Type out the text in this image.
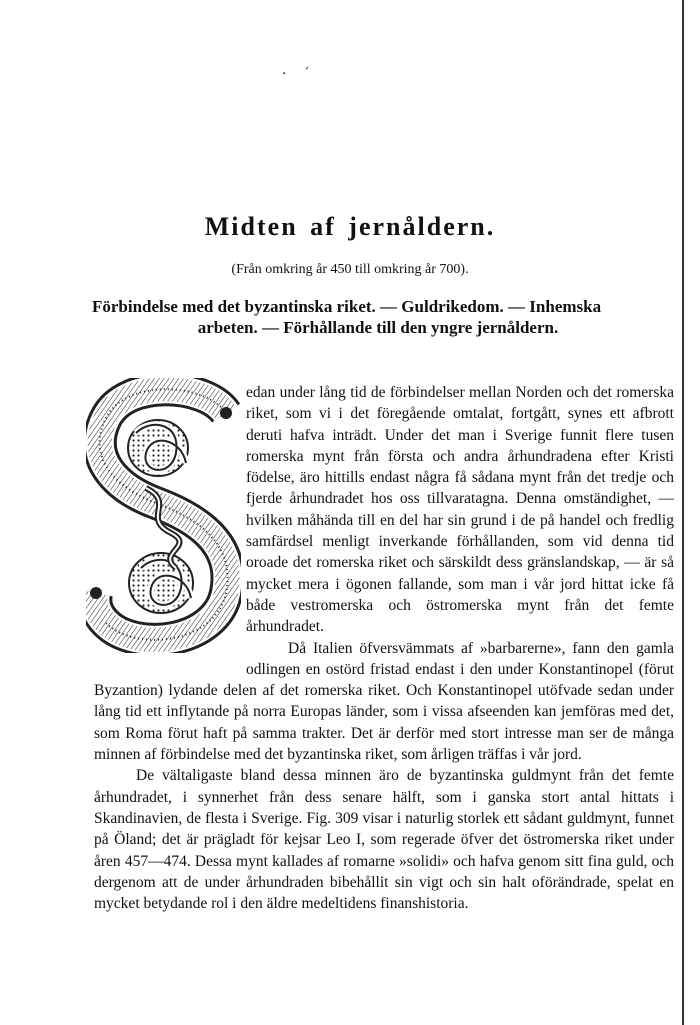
· ´
Midten af jernåldern.
(Från omkring år 450 till omkring år 700).
Förbindelse med det byzantinska riket. — Guldrikedom. — Inhemska
arbeten. — Förhållande till den yngre jernåldern.

edan under lång tid de förbindelser mellan Norden och det romerska riket, som vi i det föregående omtalat, fortgått, synes ett afbrott deruti hafva inträdt. Under det man i Sverige funnit flere tusen romerska mynt från första och andra århundradena efter Kristi födelse, äro hittills endast några få sådana mynt från det tredje och fjerde århundradet hos oss tillvaratagna. Denna omständighet, — hvilken måhända till en del har sin grund i de på handel och fredlig samfärdsel menligt inverkande förhållanden, som vid denna tid oroade det romerska riket och särskildt dess gränslandskap, — är så mycket mera i ögonen fallande, som man i vår jord hittat icke få både vestromerska och östromerska mynt från det femte århundradet.

Då Italien öfversvämmats af »barbarerne», fann den gamla odlingen en ostörd fristad endast i den under Konstantinopel (förut Byzantion) lydande delen af det romerska riket. Och Konstantinopel utöfvade sedan under lång tid ett inflytande på norra Europas länder, som i vissa afseenden kan jemföras med det, som Roma förut haft på samma trakter. Det är derför med stort intresse man ser de många minnen af förbindelse med det byzantinska riket, som årligen träffas i vår jord.

De vältaligaste bland dessa minnen äro de byzantinska guldmynt från det femte århundradet, i synnerhet från dess senare hälft, som i ganska stort antal hittats i Skandinavien, de flesta i Sverige. Fig. 309 visar i naturlig storlek ett sådant guldmynt, funnet på Öland; det är prägladt för kejsar Leo I, som regerade öfver det östromerska riket under åren 457—474. Dessa mynt kallades af romarne »solidi» och hafva genom sitt fina guld, och dergenom att de under århundraden bibehållit sin vigt och sin halt oförändrade, spelat en mycket betydande rol i den äldre medeltidens finanshistoria.
